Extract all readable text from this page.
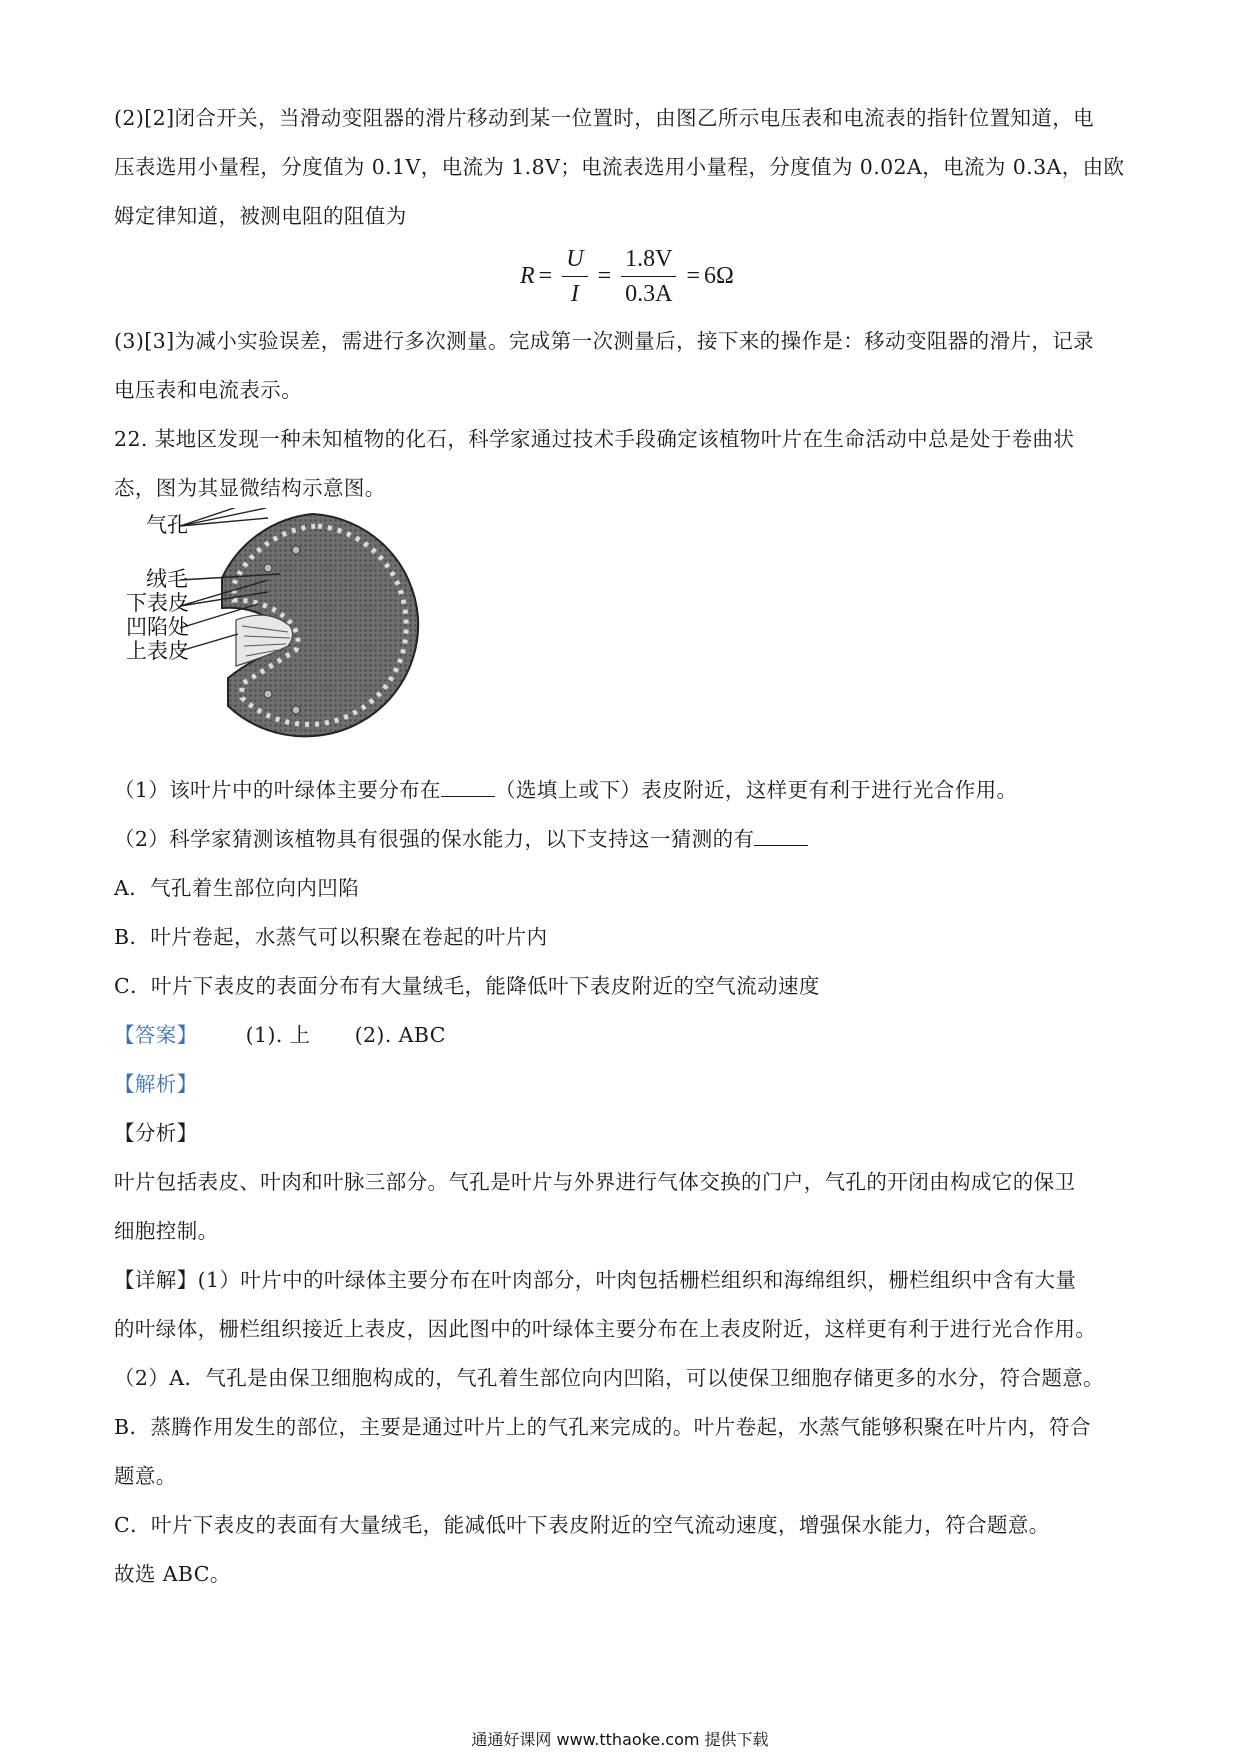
(2)[2]闭合开关，当滑动变阻器的滑片移动到某一位置时，由图乙所示电压表和电流表的指针位置知道，电
压表选用小量程，分度值为 0.1V，电流为 1.8V；电流表选用小量程，分度值为 0.02A，电流为 0.3A，由欧
姆定律知道，被测电阻的阻值为
$R = \frac{U}{I} = \frac{1.8V}{0.3A} = 6\Omega$
(3)[3]为减小实验误差，需进行多次测量。完成第一次测量后，接下来的操作是：移动变阻器的滑片，记录
电压表和电流表示。
22. 某地区发现一种未知植物的化石，科学家通过技术手段确定该植物叶片在生命活动中总是处于卷曲状
态，图为其显微结构示意图。
气孔
绒毛
下表皮
凹陷处
上表皮
（1）该叶片中的叶绿体主要分布在	（选填上或下）表皮附近，这样更有利于进行光合作用。
（2）科学家猜测该植物具有很强的保水能力，以下支持这一猜测的有
A．气孔着生部位向内凹陷
B．叶片卷起，水蒸气可以积聚在卷起的叶片内
C．叶片下表皮的表面分布有大量绒毛，能降低叶下表皮附近的空气流动速度
【答案】 (1). 上 (2). ABC
【解析】
【分析】
叶片包括表皮、叶肉和叶脉三部分。气孔是叶片与外界进行气体交换的门户，气孔的开闭由构成它的保卫
细胞控制。
【详解】(1）叶片中的叶绿体主要分布在叶肉部分，叶肉包括栅栏组织和海绵组织，栅栏组织中含有大量
的叶绿体，栅栏组织接近上表皮，因此图中的叶绿体主要分布在上表皮附近，这样更有利于进行光合作用。
（2）A．气孔是由保卫细胞构成的，气孔着生部位向内凹陷，可以使保卫细胞存储更多的水分，符合题意。
B．蒸腾作用发生的部位，主要是通过叶片上的气孔来完成的。叶片卷起，水蒸气能够积聚在叶片内，符合
题意。
C．叶片下表皮的表面有大量绒毛，能减低叶下表皮附近的空气流动速度，增强保水能力，符合题意。
故选 ABC。
通通好课网 www.tthaoke.com 提供下载
